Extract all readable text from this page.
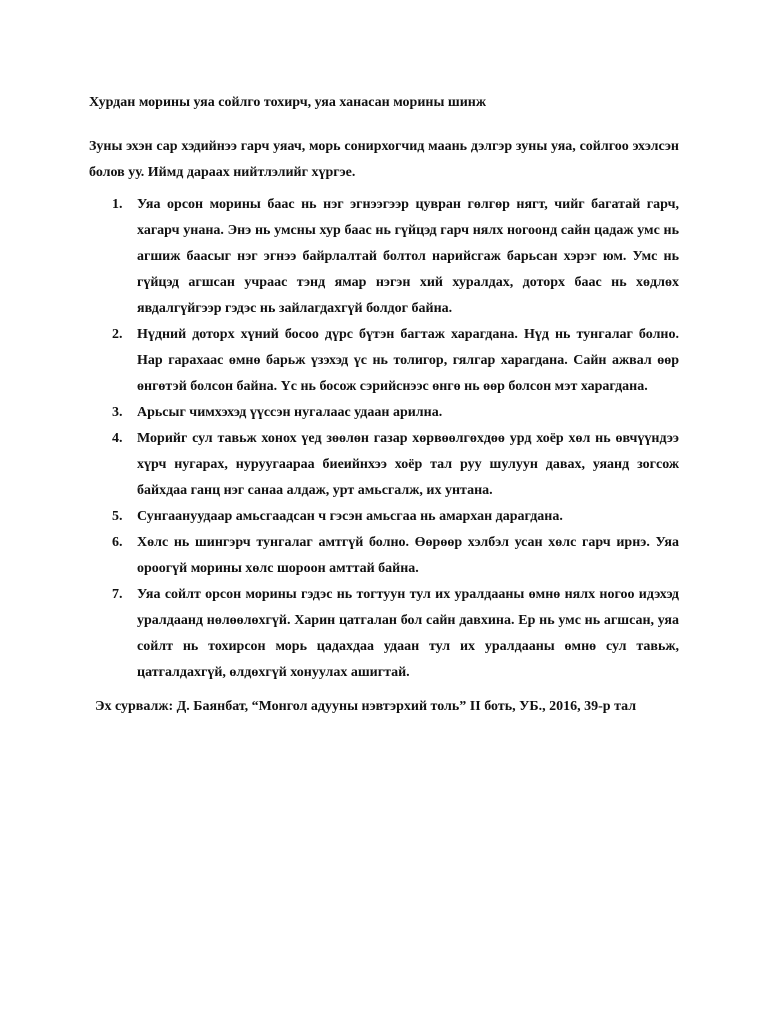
Хурдан морины уяа сойлго тохирч, уяа ханасан морины шинж

Зуны эхэн сар хэдийнээ гарч уяач, морь сонирхогчид маань дэлгэр зуны уяа, сойлгоо эхэлсэн болов уу. Иймд дараах нийтлэлийг хүргэе.

1. Уяа орсон морины баас нь нэг эгнээгээр цувран гөлгөр нягт, чийг багатай гарч, хагарч унана. Энэ нь умсны хур баас нь гүйцэд гарч нялх ногоонд сайн цадаж умс нь агшиж баасыг нэг эгнээ байрлалтай болтол нарийсгаж барьсан хэрэг юм. Умс нь гүйцэд агшсан учраас тэнд ямар нэгэн хий хуралдах, доторх баас нь хөдлөх явдалгүйгээр гэдэс нь зайлагдахгүй болдог байна.
2. Нүдний доторх хүний босоо дүрс бүтэн багтаж харагдана. Нүд нь тунгалаг болно. Нар гарахаас өмнө барьж үзэхэд үс нь толигор, гялгар харагдана. Сайн ажвал өөр өнгөтэй болсон байна. Үс нь босож сэрийснээс өнгө нь өөр болсон мэт харагдана.
3. Арьсыг чимхэхэд үүссэн нугалаас удаан арилна.
4. Морийг сул тавьж хонох үед зөөлөн газар хөрвөөлгөхдөө урд хоёр хөл нь өвчүүндээ хүрч нугарах, нуруугаараа биеийнхээ хоёр тал руу шулуун давах, уяанд зогсож байхдаа ганц нэг санаа алдаж, урт амьсгалж, их унтана.
5. Сунгаануудаар амьсгаадсан ч гэсэн амьсгаа нь амархан дарагдана.
6. Хөлс нь шингэрч тунгалаг амтгүй болно. Өөрөөр хэлбэл усан хөлс гарч ирнэ. Уяа ороогүй морины хөлс шороон амттай байна.
7. Уяа сойлт орсон морины гэдэс нь тогтуун тул их уралдааны өмнө нялх ногоо идэхэд уралдаанд нөлөөлөхгүй. Харин цатгалан бол сайн давхина. Ер нь умс нь агшсан, уяа сойлт нь тохирсон морь цадахдаа удаан тул их уралдааны өмнө сул тавьж, цатгалдахгүй, өлдөхгүй хонуулах ашигтай.

Эх сурвалж: Д. Баянбат, “Монгол адууны нэвтэрхий толь” II боть, УБ., 2016, 39-р тал
